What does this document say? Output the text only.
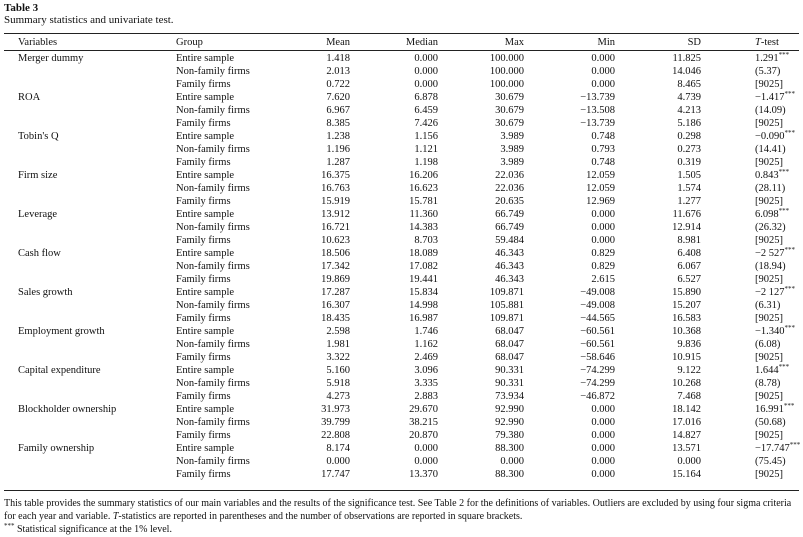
Table 3
Summary statistics and univariate test.
Variables	Group	Mean	Median	Max	Min	SD	T-test
Merger dummy	Entire sample	1.418	0.000	100.000	0.000	11.825	1.291***
	Non-family firms	2.013	0.000	100.000	0.000	14.046	(5.37)
	Family firms	0.722	0.000	100.000	0.000	8.465	[9025]
ROA	Entire sample	7.620	6.878	30.679	−13.739	4.739	−1.417***
	Non-family firms	6.967	6.459	30.679	−13.508	4.213	(14.09)
	Family firms	8.385	7.426	30.679	−13.739	5.186	[9025]
Tobin's Q	Entire sample	1.238	1.156	3.989	0.748	0.298	−0.090***
	Non-family firms	1.196	1.121	3.989	0.793	0.273	(14.41)
	Family firms	1.287	1.198	3.989	0.748	0.319	[9025]
Firm size	Entire sample	16.375	16.206	22.036	12.059	1.505	0.843***
	Non-family firms	16.763	16.623	22.036	12.059	1.574	(28.11)
	Family firms	15.919	15.781	20.635	12.969	1.277	[9025]
Leverage	Entire sample	13.912	11.360	66.749	0.000	11.676	6.098***
	Non-family firms	16.721	14.383	66.749	0.000	12.914	(26.32)
	Family firms	10.623	8.703	59.484	0.000	8.981	[9025]
Cash flow	Entire sample	18.506	18.089	46.343	0.829	6.408	−2 527***
	Non-family firms	17.342	17.082	46.343	0.829	6.067	(18.94)
	Family firms	19.869	19.441	46.343	2.615	6.527	[9025]
Sales growth	Entire sample	17.287	15.834	109.871	−49.008	15.890	−2 127***
	Non-family firms	16.307	14.998	105.881	−49.008	15.207	(6.31)
	Family firms	18.435	16.987	109.871	−44.565	16.583	[9025]
Employment growth	Entire sample	2.598	1.746	68.047	−60.561	10.368	−1.340***
	Non-family firms	1.981	1.162	68.047	−60.561	9.836	(6.08)
	Family firms	3.322	2.469	68.047	−58.646	10.915	[9025]
Capital expenditure	Entire sample	5.160	3.096	90.331	−74.299	9.122	1.644***
	Non-family firms	5.918	3.335	90.331	−74.299	10.268	(8.78)
	Family firms	4.273	2.883	73.934	−46.872	7.468	[9025]
Blockholder ownership	Entire sample	31.973	29.670	92.990	0.000	18.142	16.991***
	Non-family firms	39.799	38.215	92.990	0.000	17.016	(50.68)
	Family firms	22.808	20.870	79.380	0.000	14.827	[9025]
Family ownership	Entire sample	8.174	0.000	88.300	0.000	13.571	−17.747***
	Non-family firms	0.000	0.000	0.000	0.000	0.000	(75.45)
	Family firms	17.747	13.370	88.300	0.000	15.164	[9025]

This table provides the summary statistics of our main variables and the results of the significance test. See Table 2 for the definitions of variables. Outliers are excluded by using four sigma criteria for each year and variable. T-statistics are reported in parentheses and the number of observations are reported in square brackets.

*** Statistical significance at the 1% level.
